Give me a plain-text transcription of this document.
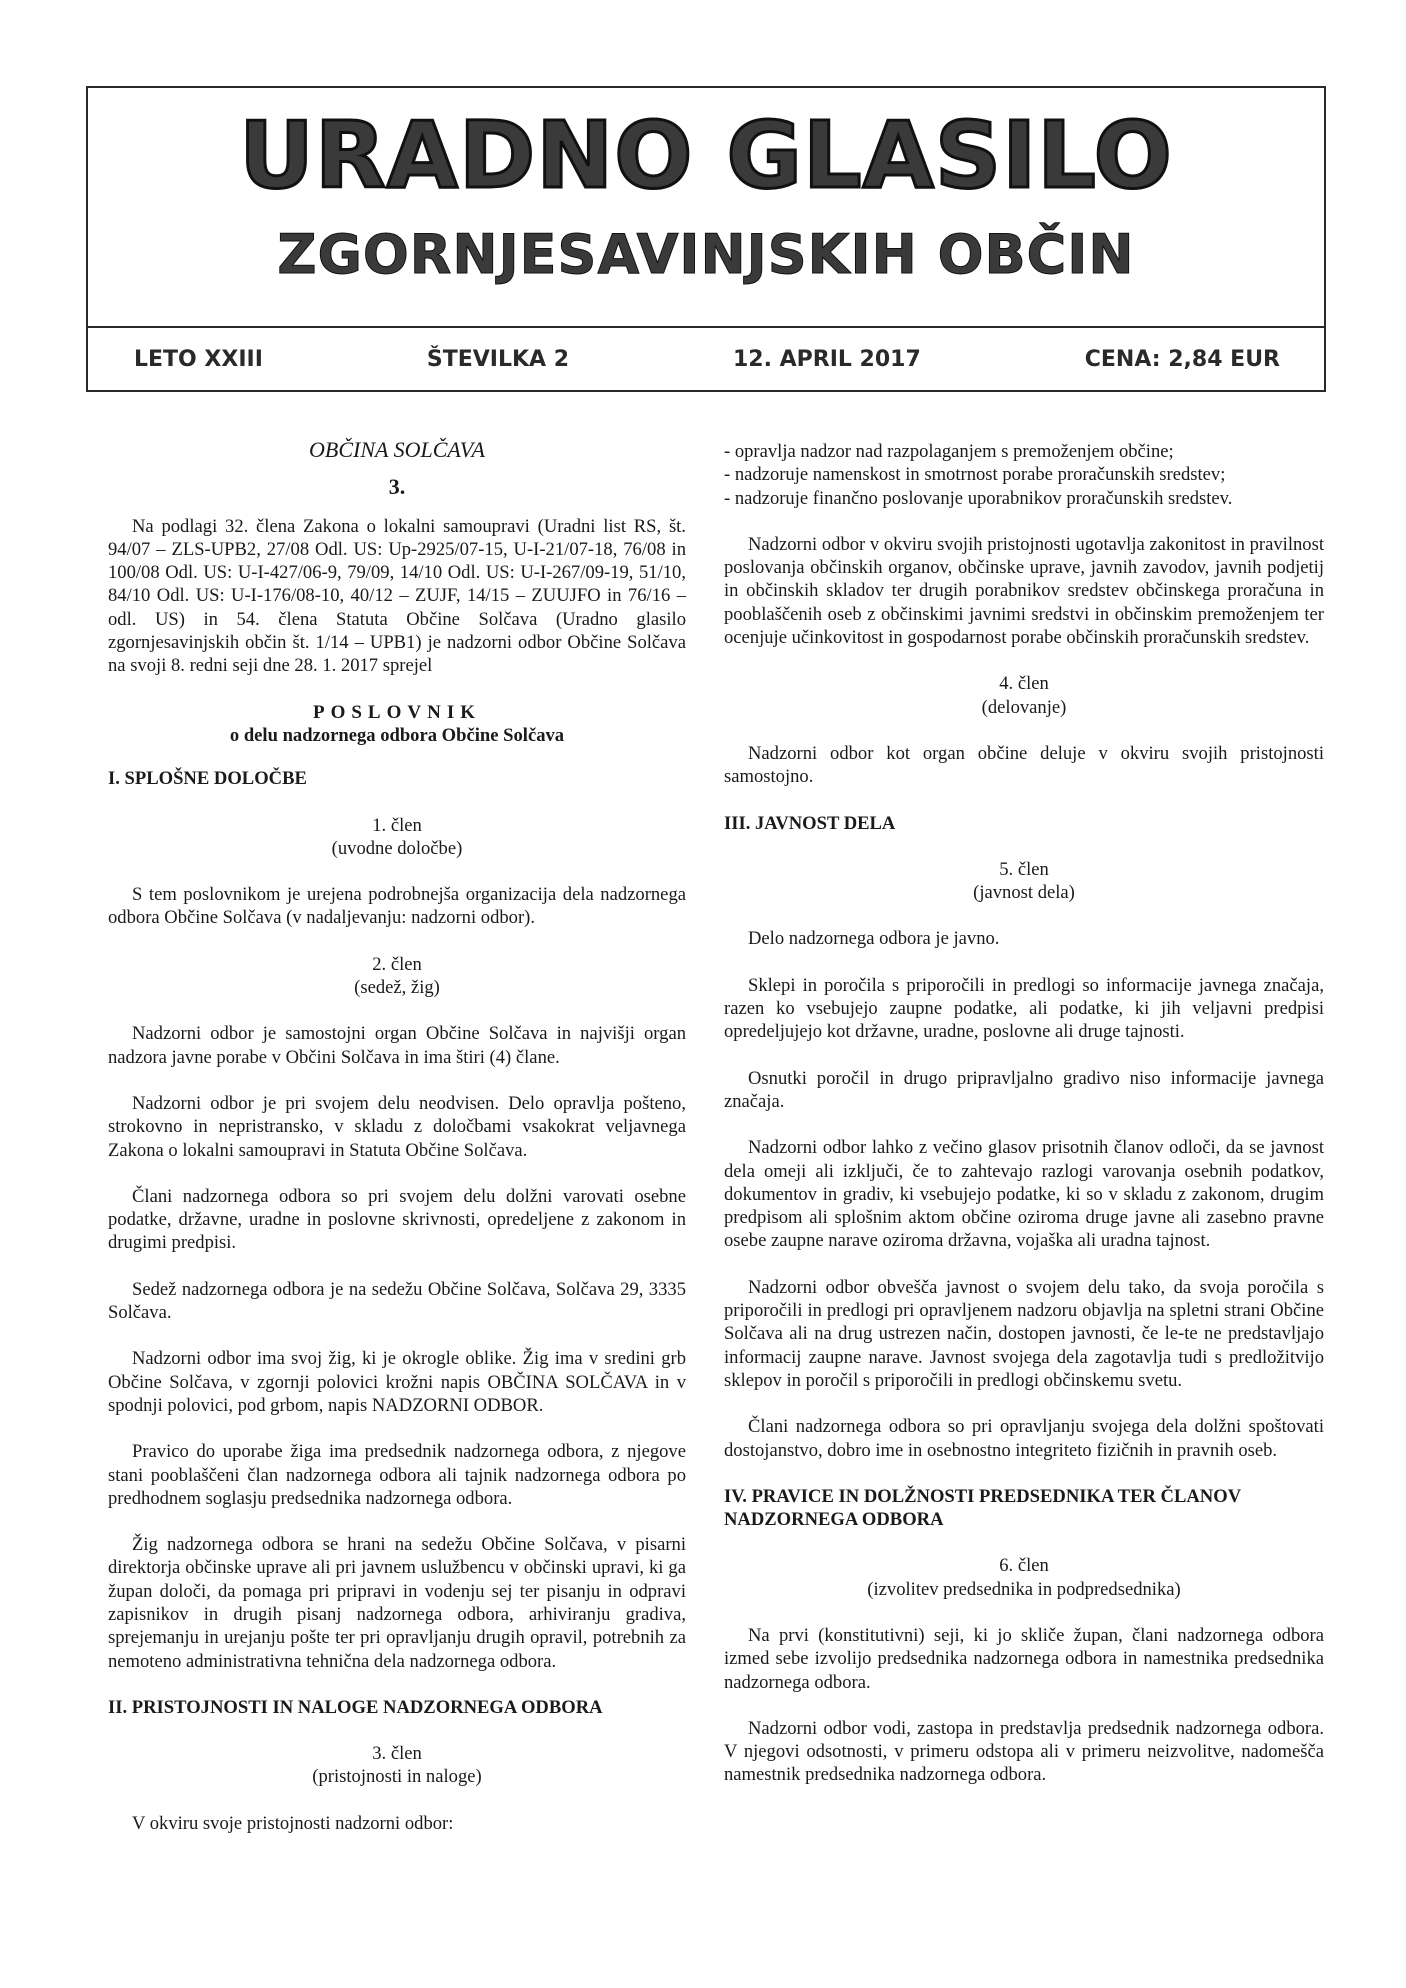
URADNO GLASILO
ZGORNJESAVINJSKIH OBČIN
LETO XXIII	ŠTEVILKA 2	12. APRIL 2017	CENA: 2,84 EUR
OBČINA SOLČAVA
3.

Na podlagi 32. člena Zakona o lokalni samoupravi (Uradni list RS, št. 94/07 – ZLS-UPB2, 27/08 Odl. US: Up-2925/07-15, U-I-21/07-18, 76/08 in 100/08 Odl. US: U-I-427/06-9, 79/09, 14/10 Odl. US: U-I-267/09-19, 51/10, 84/10 Odl. US: U-I-176/08-10, 40/12 – ZUJF, 14/15 – ZUUJFO in 76/16 – odl. US) in 54. člena Statuta Občine Solčava (Uradno glasilo zgornjesavinjskih občin št. 1/14 – UPB1) je nadzorni odbor Občine Solčava na svoji 8. redni seji dne 28. 1. 2017 sprejel

POSLOVNIK
o delu nadzornega odbora Občine Solčava
I. SPLOŠNE DOLOČBE
1. člen
(uvodne določbe)

S tem poslovnikom je urejena podrobnejša organizacija dela nadzornega odbora Občine Solčava (v nadaljevanju: nadzorni odbor).

2. člen
(sedež, žig)

Nadzorni odbor je samostojni organ Občine Solčava in najvišji organ nadzora javne porabe v Občini Solčava in ima štiri (4) člane.

Nadzorni odbor je pri svojem delu neodvisen. Delo opravlja pošteno, strokovno in nepristransko, v skladu z določbami vsakokrat veljavnega Zakona o lokalni samoupravi in Statuta Občine Solčava.

Člani nadzornega odbora so pri svojem delu dolžni varovati osebne podatke, državne, uradne in poslovne skrivnosti, opredeljene z zakonom in drugimi predpisi.

Sedež nadzornega odbora je na sedežu Občine Solčava, Solčava 29, 3335 Solčava.

Nadzorni odbor ima svoj žig, ki je okrogle oblike. Žig ima v sredini grb Občine Solčava, v zgornji polovici krožni napis OBČINA SOLČAVA in v spodnji polovici, pod grbom, napis NADZORNI ODBOR.

Pravico do uporabe žiga ima predsednik nadzornega odbora, z njegove stani pooblaščeni član nadzornega odbora ali tajnik nadzornega odbora po predhodnem soglasju predsednika nadzornega odbora.

Žig nadzornega odbora se hrani na sedežu Občine Solčava, v pisarni direktorja občinske uprave ali pri javnem uslužbencu v občinski upravi, ki ga župan določi, da pomaga pri pripravi in vodenju sej ter pisanju in odpravi zapisnikov in drugih pisanj nadzornega odbora, arhiviranju gradiva, sprejemanju in urejanju pošte ter pri opravljanju drugih opravil, potrebnih za nemoteno administrativna tehnična dela nadzornega odbora.

II. PRISTOJNOSTI IN NALOGE NADZORNEGA ODBORA
3. člen
(pristojnosti in naloge)

V okviru svoje pristojnosti nadzorni odbor:

- opravlja nadzor nad razpolaganjem s premoženjem občine;
- nadzoruje namenskost in smotrnost porabe proračunskih sredstev;
- nadzoruje finančno poslovanje uporabnikov proračunskih sredstev.

Nadzorni odbor v okviru svojih pristojnosti ugotavlja zakonitost in pravilnost poslovanja občinskih organov, občinske uprave, javnih zavodov, javnih podjetij in občinskih skladov ter drugih porabnikov sredstev občinskega proračuna in pooblaščenih oseb z občinskimi javnimi sredstvi in občinskim premoženjem ter ocenjuje učinkovitost in gospodarnost porabe občinskih proračunskih sredstev.

4. člen
(delovanje)

Nadzorni odbor kot organ občine deluje v okviru svojih pristojnosti samostojno.

III. JAVNOST DELA
5. člen
(javnost dela)

Delo nadzornega odbora je javno.

Sklepi in poročila s priporočili in predlogi so informacije javnega značaja, razen ko vsebujejo zaupne podatke, ali podatke, ki jih veljavni predpisi opredeljujejo kot državne, uradne, poslovne ali druge tajnosti.

Osnutki poročil in drugo pripravljalno gradivo niso informacije javnega značaja.

Nadzorni odbor lahko z večino glasov prisotnih članov odloči, da se javnost dela omeji ali izključi, če to zahtevajo razlogi varovanja osebnih podatkov, dokumentov in gradiv, ki vsebujejo podatke, ki so v skladu z zakonom, drugim predpisom ali splošnim aktom občine oziroma druge javne ali zasebno pravne osebe zaupne narave oziroma državna, vojaška ali uradna tajnost.

Nadzorni odbor obvešča javnost o svojem delu tako, da svoja poročila s priporočili in predlogi pri opravljenem nadzoru objavlja na spletni strani Občine Solčava ali na drug ustrezen način, dostopen javnosti, če le-te ne predstavljajo informacij zaupne narave. Javnost svojega dela zagotavlja tudi s predložitvijo sklepov in poročil s priporočili in predlogi občinskemu svetu.

Člani nadzornega odbora so pri opravljanju svojega dela dolžni spoštovati dostojanstvo, dobro ime in osebnostno integriteto fizičnih in pravnih oseb.

IV. PRAVICE IN DOLŽNOSTI PREDSEDNIKA TER ČLANOV NADZORNEGA ODBORA
6. člen
(izvolitev predsednika in podpredsednika)

Na prvi (konstitutivni) seji, ki jo skliče župan, člani nadzornega odbora izmed sebe izvolijo predsednika nadzornega odbora in namestnika predsednika nadzornega odbora.

Nadzorni odbor vodi, zastopa in predstavlja predsednik nadzornega odbora. V njegovi odsotnosti, v primeru odstopa ali v primeru neizvolitve, nadomešča namestnik predsednika nadzornega odbora.
